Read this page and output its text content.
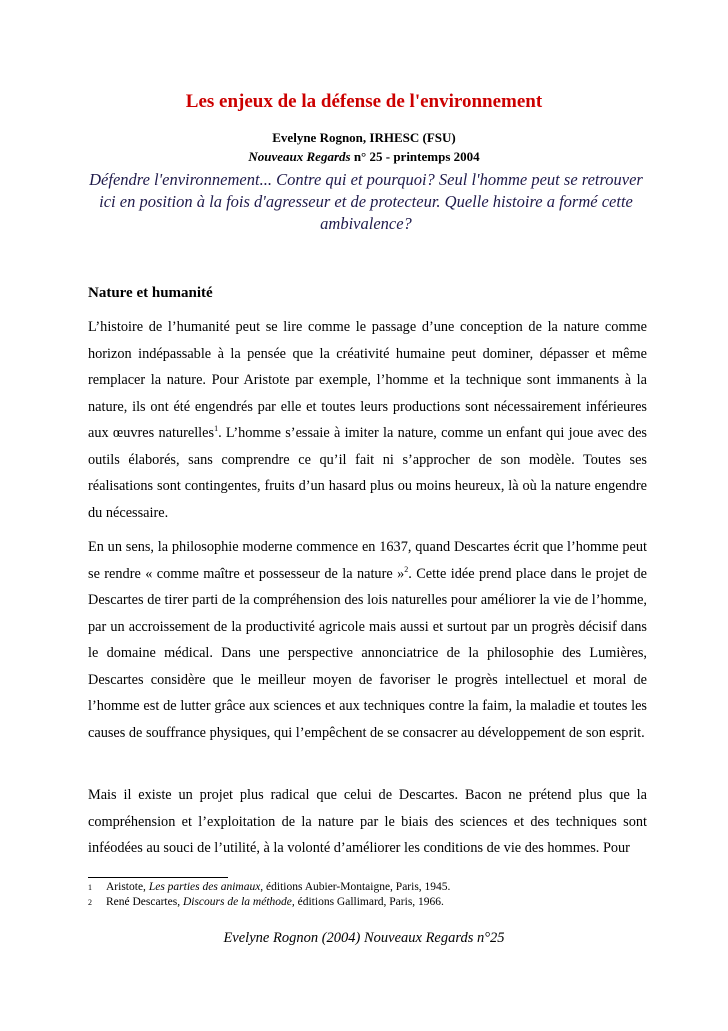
Les enjeux de la défense de l'environnement
Evelyne Rognon, IRHESC (FSU)
Nouveaux Regards n° 25 - printemps 2004
Défendre l'environnement... Contre qui et pourquoi? Seul l'homme peut se retrouver ici en position à la fois d'agresseur et de protecteur. Quelle histoire a formé cette ambivalence?
Nature et humanité
L’histoire de l’humanité peut se lire comme le passage d’une conception de la nature comme horizon indépassable à la pensée que la créativité humaine peut dominer, dépasser et même remplacer la nature. Pour Aristote par exemple, l’homme et la technique sont immanents à la nature, ils ont été engendrés par elle et toutes leurs productions sont nécessairement inférieures aux œuvres naturelles$^1$. L’homme s’essaie à imiter la nature, comme un enfant qui joue avec des outils élaborés, sans comprendre ce qu’il fait ni s’approcher de son modèle. Toutes ses réalisations sont contingentes, fruits d’un hasard plus ou moins heureux, là où la nature engendre du nécessaire.
En un sens, la philosophie moderne commence en 1637, quand Descartes écrit que l’homme peut se rendre « comme maître et possesseur de la nature »$^2$. Cette idée prend place dans le projet de Descartes de tirer parti de la compréhension des lois naturelles pour améliorer la vie de l’homme, par un accroissement de la productivité agricole mais aussi et surtout par un progrès décisif dans le domaine médical. Dans une perspective annonciatrice de la philosophie des Lumières, Descartes considère que le meilleur moyen de favoriser le progrès intellectuel et moral de l’homme est de lutter grâce aux sciences et aux techniques contre la faim, la maladie et toutes les causes de souffrance physiques, qui l’empêchent de se consacrer au développement de son esprit.
Mais il existe un projet plus radical que celui de Descartes. Bacon ne prétend plus que la compréhension et l’exploitation de la nature par le biais des sciences et des techniques sont inféodées au souci de l’utilité, à la volonté d’améliorer les conditions de vie des hommes. Pour
1 Aristote, Les parties des animaux, éditions Aubier-Montaigne, Paris, 1945.
2 René Descartes, Discours de la méthode, éditions Gallimard, Paris, 1966.
Evelyne Rognon (2004) Nouveaux Regards n°25
